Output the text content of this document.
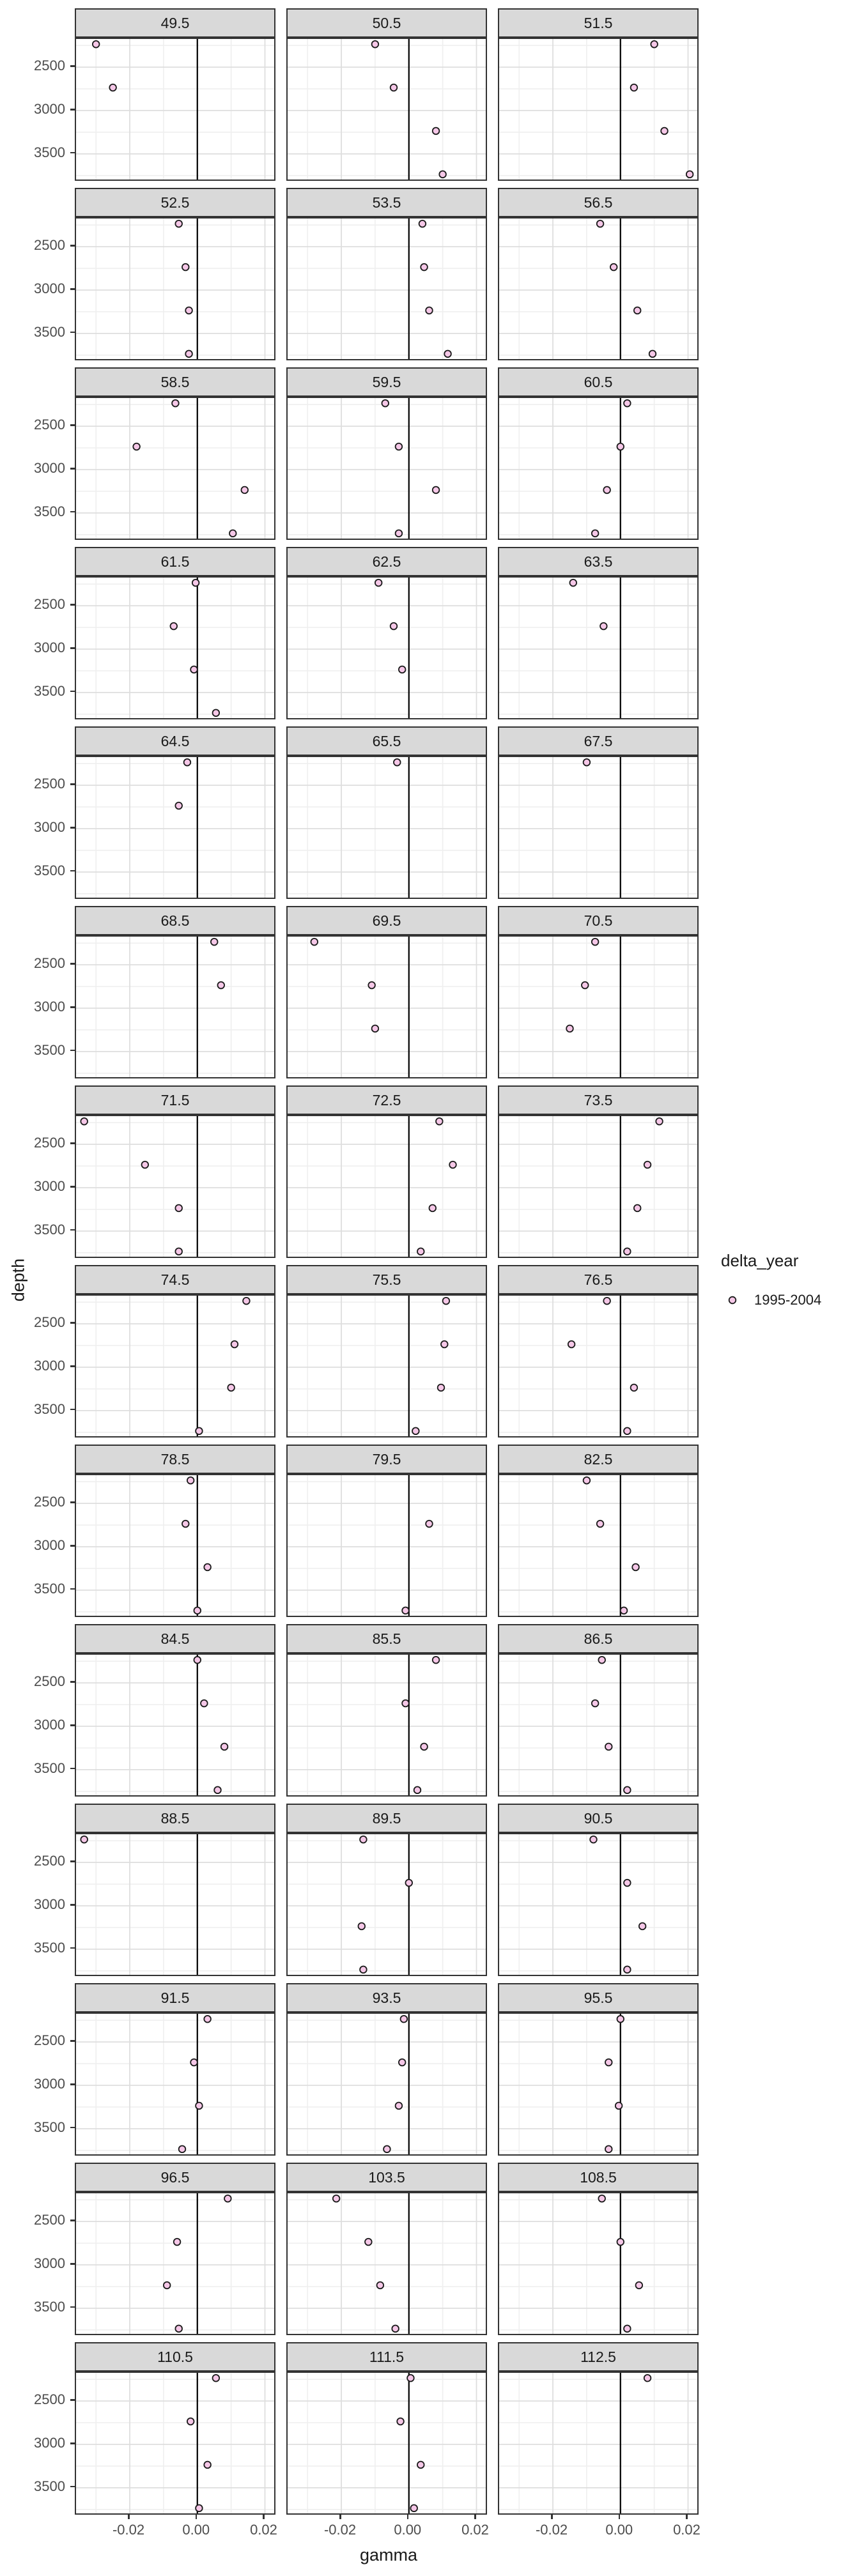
depth
gamma
delta_year
1995-2004
49.5
2500
3000
3500
50.5	51.5
52.5
2500
3000
3500
53.5	56.5
58.5
2500
3000
3500
59.5	60.5
61.5
2500
3000
3500
62.5	63.5
64.5
2500
3000
3500
65.5	67.5
68.5
2500
3000
3500
69.5	70.5
71.5
2500
3000
3500
72.5	73.5
74.5
2500
3000
3500
75.5	76.5
78.5
2500
3000
3500
79.5	82.5
84.5
2500
3000
3500
85.5	86.5
88.5
2500
3000
3500
89.5	90.5
91.5
2500
3000
3500
93.5	95.5
96.5
2500
3000
3500
103.5	108.5
110.5
2500
3000
3500
-0.02	0.00	0.02
111.5
-0.02	0.00	0.02
112.5
-0.02	0.00	0.02
